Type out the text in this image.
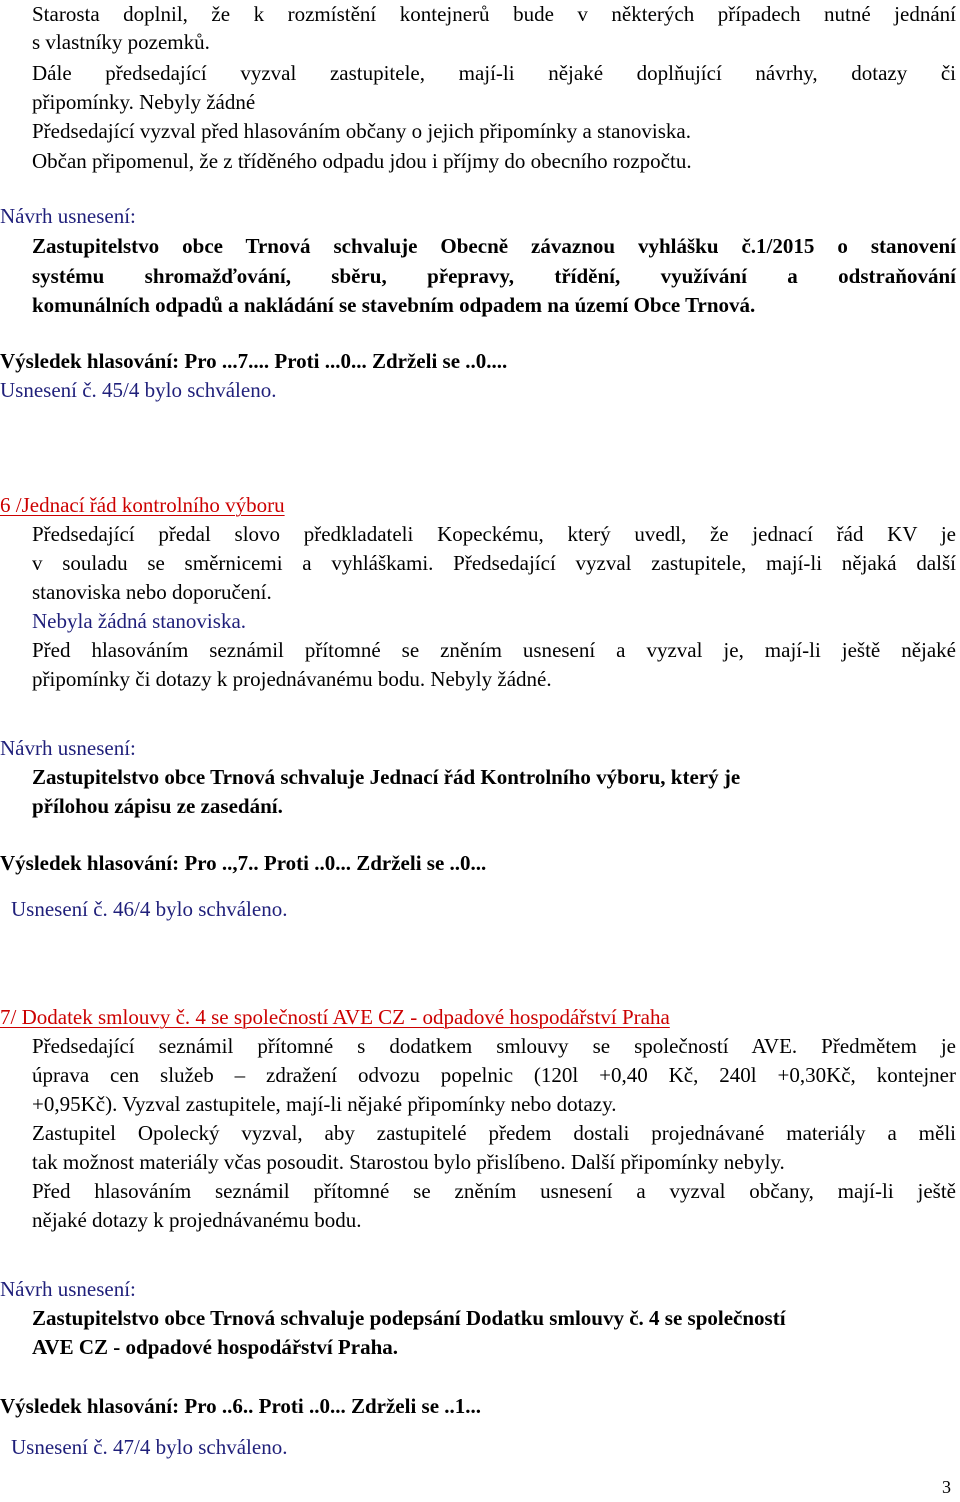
Starosta doplnil, že k rozmístění kontejnerů bude v některých případech nutné jednání
s vlastníky pozemků.
Dále předsedající vyzval zastupitele, mají-li nějaké doplňující návrhy, dotazy či
připomínky. Nebyly žádné
Předsedající vyzval před hlasováním občany o jejich připomínky a stanoviska.
Občan připomenul, že z tříděného odpadu jdou i příjmy do obecního rozpočtu.
Návrh usnesení:
Zastupitelstvo obce Trnová schvaluje Obecně závaznou vyhlášku č.1/2015 o stanovení
systému shromažďování, sběru, přepravy, třídění, využívání a odstraňování
komunálních odpadů a nakládání se stavebním odpadem na území Obce Trnová.
Výsledek hlasování: Pro ...7.... Proti ...0... Zdrželi se ..0....
Usnesení č. 45/4 bylo schváleno.
6 /Jednací řád kontrolního výboru
Předsedající předal slovo předkladateli Kopeckému, který uvedl, že jednací řád KV je
v souladu se směrnicemi a vyhláškami. Předsedající vyzval zastupitele, mají-li nějaká další
stanoviska nebo doporučení.
Nebyla žádná stanoviska.
Před hlasováním seznámil přítomné se zněním usnesení a vyzval je, mají-li ještě nějaké
připomínky či dotazy k projednávanému bodu. Nebyly žádné.
Návrh usnesení:
Zastupitelstvo obce Trnová schvaluje Jednací řád Kontrolního výboru, který je
přílohou zápisu ze zasedání.
Výsledek hlasování: Pro ..,7.. Proti ..0... Zdrželi se ..0...
Usnesení č. 46/4 bylo schváleno.
7/ Dodatek smlouvy č. 4 se společností AVE CZ - odpadové hospodářství Praha
Předsedající seznámil přítomné s dodatkem smlouvy se společností AVE. Předmětem je
úprava cen služeb – zdražení odvozu popelnic (120l +0,40 Kč, 240l +0,30Kč, kontejner
+0,95Kč). Vyzval zastupitele, mají-li nějaké připomínky nebo dotazy.
Zastupitel Opolecký vyzval, aby zastupitelé předem dostali projednávané materiály a měli
tak možnost materiály včas posoudit. Starostou bylo přislíbeno. Další připomínky nebyly.
Před hlasováním seznámil přítomné se zněním usnesení a vyzval občany, mají-li ještě
nějaké dotazy k projednávanému bodu.
Návrh usnesení:
Zastupitelstvo obce Trnová schvaluje podepsání Dodatku smlouvy č. 4 se společností
AVE CZ - odpadové hospodářství Praha.
Výsledek hlasování: Pro ..6.. Proti ..0... Zdrželi se ..1...
Usnesení č. 47/4 bylo schváleno.
3
